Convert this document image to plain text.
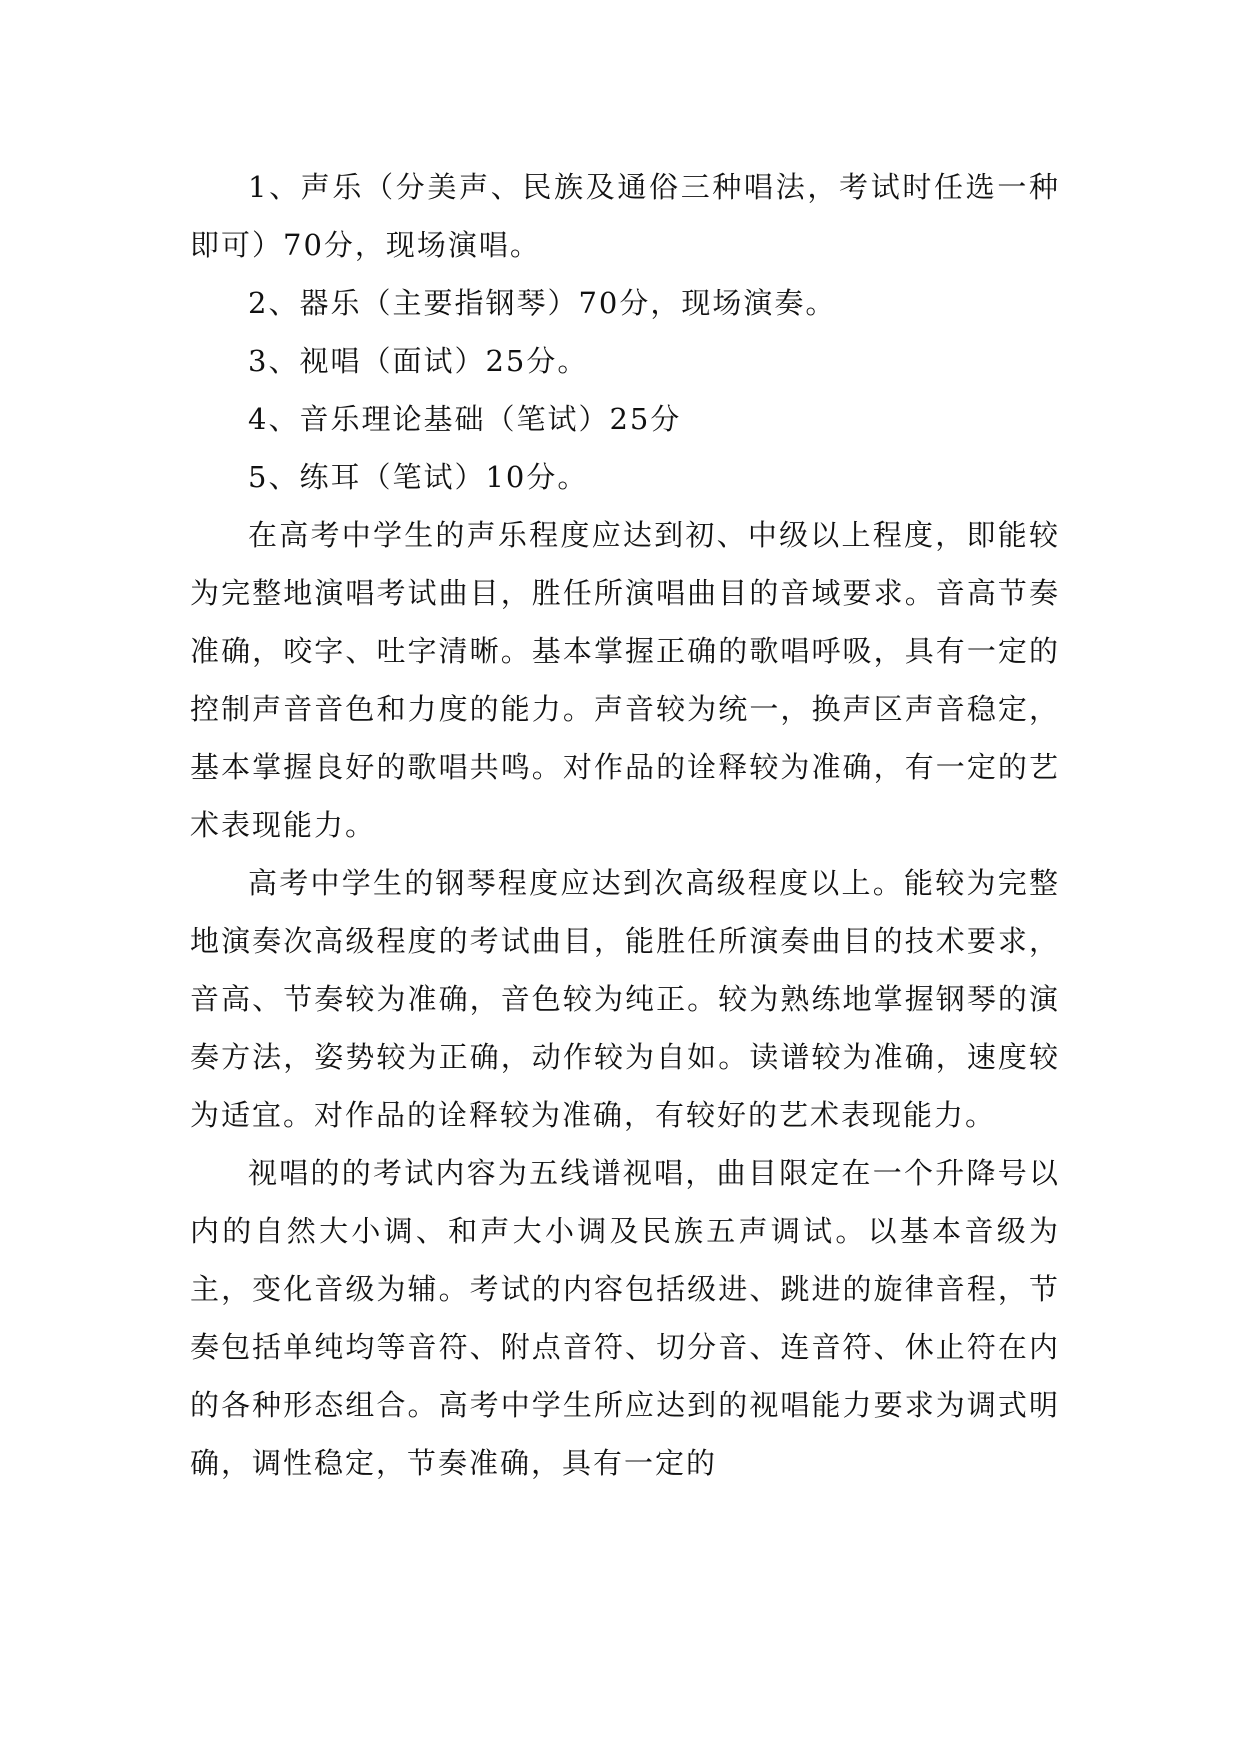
1、声乐（分美声、民族及通俗三种唱法，考试时任选一种即可）70分，现场演唱。

2、器乐（主要指钢琴）70分，现场演奏。

3、视唱（面试）25分。

4、音乐理论基础（笔试）25分

5、练耳（笔试）10分。

在高考中学生的声乐程度应达到初、中级以上程度，即能较为完整地演唱考试曲目，胜任所演唱曲目的音域要求。音高节奏准确，咬字、吐字清晰。基本掌握正确的歌唱呼吸，具有一定的控制声音音色和力度的能力。声音较为统一，换声区声音稳定，基本掌握良好的歌唱共鸣。对作品的诠释较为准确，有一定的艺术表现能力。

高考中学生的钢琴程度应达到次高级程度以上。能较为完整地演奏次高级程度的考试曲目，能胜任所演奏曲目的技术要求，音高、节奏较为准确，音色较为纯正。较为熟练地掌握钢琴的演奏方法，姿势较为正确，动作较为自如。读谱较为准确，速度较为适宜。对作品的诠释较为准确，有较好的艺术表现能力。

视唱的的考试内容为五线谱视唱，曲目限定在一个升降号以内的自然大小调、和声大小调及民族五声调试。以基本音级为主，变化音级为辅。考试的内容包括级进、跳进的旋律音程，节奏包括单纯均等音符、附点音符、切分音、连音符、休止符在内的各种形态组合。高考中学生所应达到的视唱能力要求为调式明确，调性稳定，节奏准确，具有一定的
